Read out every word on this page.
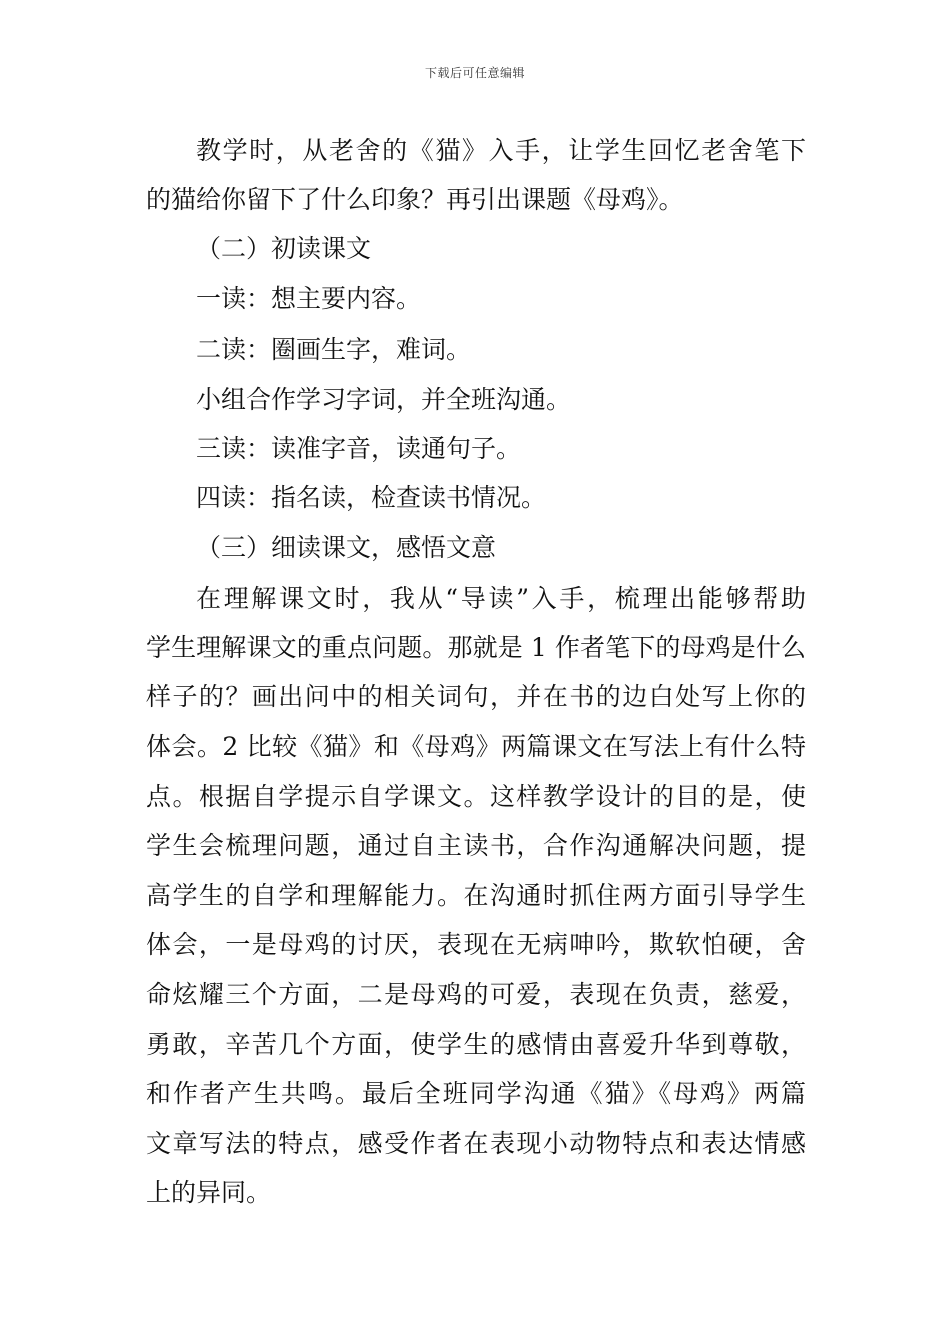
下载后可任意编辑
教学时，从老舍的《猫》入手，让学生回忆老舍笔下
的猫给你留下了什么印象？再引出课题《母鸡》。
（二）初读课文
一读：想主要内容。
二读：圈画生字，难词。
小组合作学习字词，并全班沟通。
三读：读准字音，读通句子。
四读：指名读，检查读书情况。
（三）细读课文，感悟文意
在理解课文时，我从“导读”入手，梳理出能够帮助
学生理解课文的重点问题。那就是 1 作者笔下的母鸡是什么
样子的？画出问中的相关词句，并在书的边白处写上你的
体会。2 比较《猫》和《母鸡》两篇课文在写法上有什么特
点。根据自学提示自学课文。这样教学设计的目的是，使
学生会梳理问题，通过自主读书，合作沟通解决问题，提
高学生的自学和理解能力。在沟通时抓住两方面引导学生
体会，一是母鸡的讨厌，表现在无病呻吟，欺软怕硬，舍
命炫耀三个方面，二是母鸡的可爱，表现在负责，慈爱，
勇敢，辛苦几个方面，使学生的感情由喜爱升华到尊敬，
和作者产生共鸣。最后全班同学沟通《猫》《母鸡》两篇
文章写法的特点，感受作者在表现小动物特点和表达情感
上的异同。
